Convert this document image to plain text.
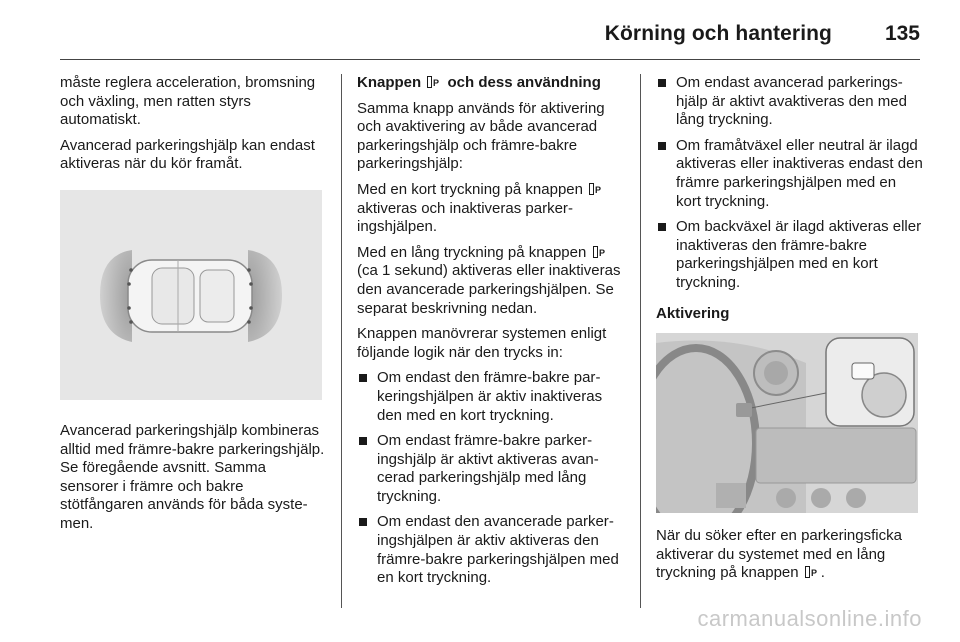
Körning och hantering	135

måste reglera acceleration, bromsning och växling, men ratten styrs automatiskt.

Avancerad parkeringshjälp kan endast aktiveras när du kör framåt.

Avancerad parkeringshjälp kombineras alltid med främre-bakre parkeringshjälp. Se föregående avsnitt. Samma sensorer i främre och bakre stötfångaren används för båda systemen.

Knappen P och dess användning

Samma knapp används för aktivering och avaktivering av både avancerad parkeringshjälp och främre-bakre parkeringshjälp:

Med en kort tryckning på knappen P
aktiveras och inaktiveras parkeringshjälpen.

Med en lång tryckning på knappen P
(ca 1 sekund) aktiveras eller inaktiveras den avancerade parkeringshjälpen. Se separat beskrivning nedan.

Knappen manövrerar systemen enligt följande logik när den trycks in:

Om endast den främre-bakre parkeringshjälpen är aktiv inaktiveras den med en kort tryckning.
Om endast främre-bakre parkeringshjälp är aktivt aktiveras avancerad parkeringshjälp med lång tryckning.
Om endast den avancerade parkeringshjälpen är aktiv aktiveras den främre-bakre parkeringshjälpen med en kort tryckning.
Om endast avancerad parkeringshjälp är aktivt avaktiveras den med lång tryckning.
Om framåtväxel eller neutral är ilagd aktiveras eller inaktiveras endast den främre parkeringshjälpen med en kort tryckning.
Om backväxel är ilagd aktiveras eller inaktiveras den främre-bakre parkeringshjälpen med en kort tryckning.

Aktivering

När du söker efter en parkeringsficka aktiverar du systemet med en lång tryckning på knappen P .

carmanualsonline.info
